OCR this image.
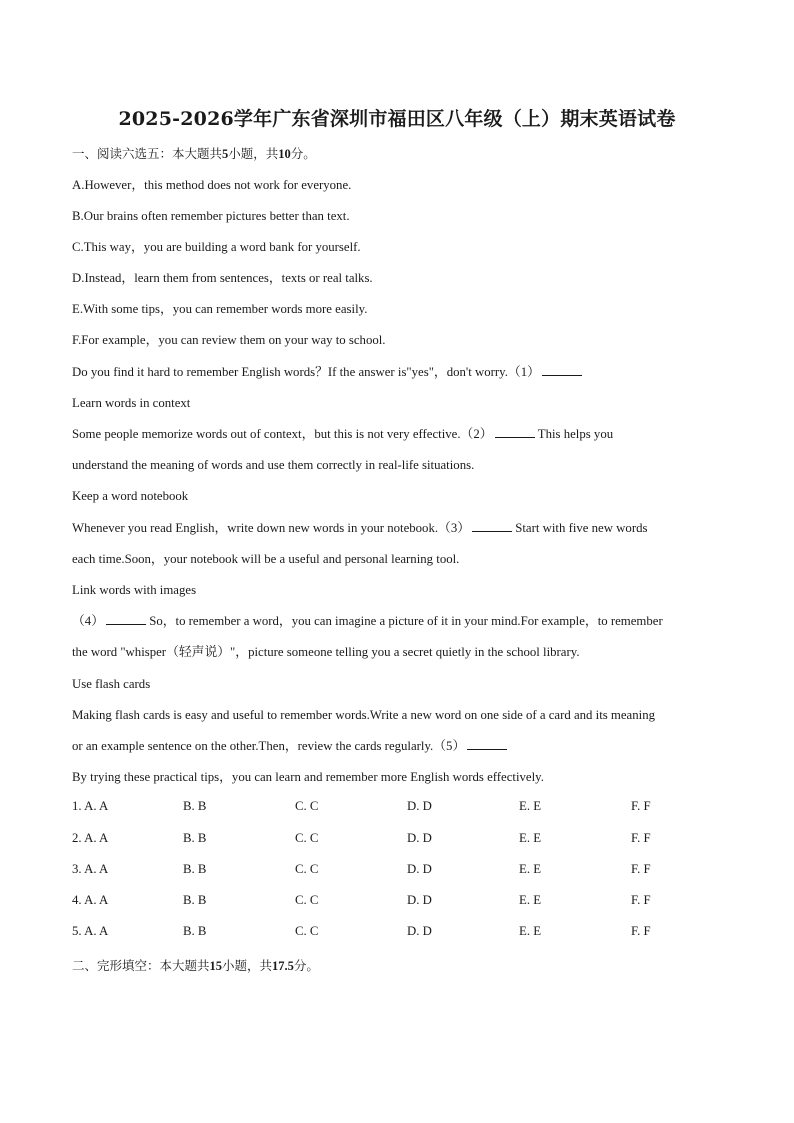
2025-2026学年广东省深圳市福田区八年级（上）期末英语试卷
一、阅读六选五：本大题共5小题，共10分。
A.However，this method does not work for everyone.
B.Our brains often remember pictures better than text.
C.This way，you are building a word bank for yourself.
D.Instead，learn them from sentences，texts or real talks.
E.With some tips，you can remember words more easily.
F.For example，you can review them on your way to school.
Do you find it hard to remember English words？If the answer is"yes"，don't worry.（1）
Learn words in context
Some people memorize words out of context，but this is not very effective.（2）	This helps you
understand the meaning of words and use them correctly in real-life situations.
Keep a word notebook
Whenever you read English，write down new words in your notebook.（3）	Start with five new words
each time.Soon，your notebook will be a useful and personal learning tool.
Link words with images
（4）	So，to remember a word，you can imagine a picture of it in your mind.For example，to remember
the word "whisper（轻声说）"，picture someone telling you a secret quietly in the school library.
Use flash cards
Making flash cards is easy and useful to remember words.Write a new word on one side of a card and its meaning
or an example sentence on the other.Then，review the cards regularly.（5）
By trying these practical tips，you can learn and remember more English words effectively.
1. A. A	B. B	C. C	D. D	E. E	F. F
2. A. A	B. B	C. C	D. D	E. E	F. F
3. A. A	B. B	C. C	D. D	E. E	F. F
4. A. A	B. B	C. C	D. D	E. E	F. F
5. A. A	B. B	C. C	D. D	E. E	F. F
二、完形填空：本大题共15小题，共17.5分。
